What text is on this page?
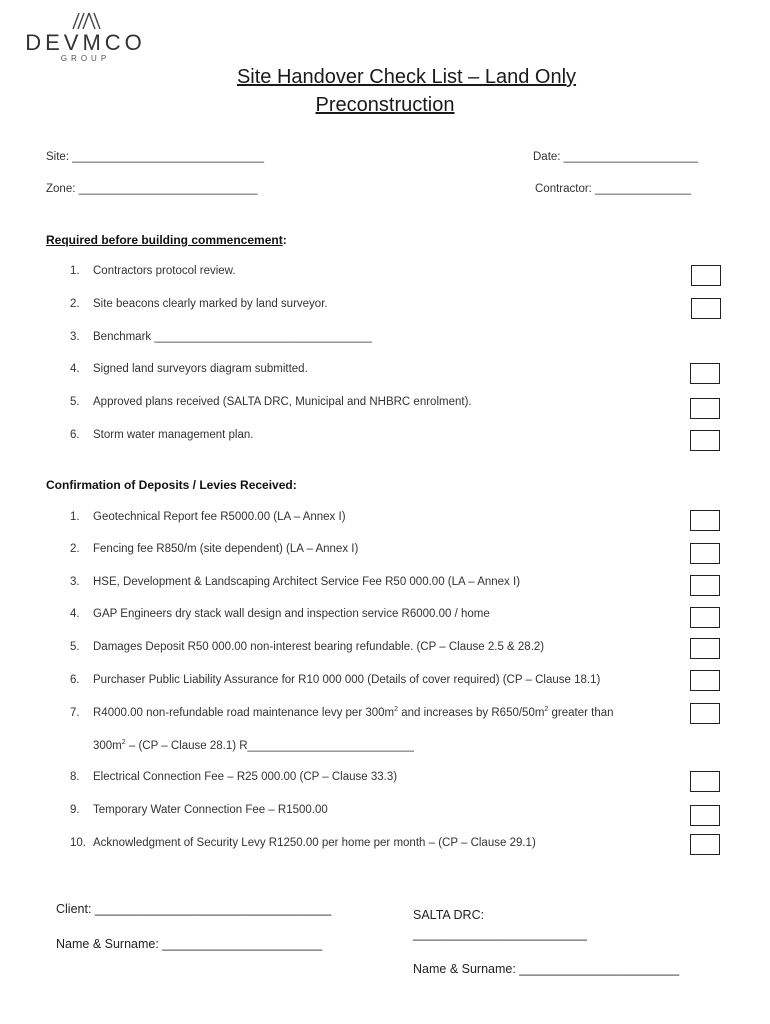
DEVMCO
GROUP
Site Handover Check List – Land Only
Preconstruction
Site: ______________________________	Date: _____________________
Zone: ____________________________	Contractor: _______________
Required before building commencement:
1. Contractors protocol review.
2. Site beacons clearly marked by land surveyor.
3. Benchmark __________________________________
4. Signed land surveyors diagram submitted.
5. Approved plans received (SALTA DRC, Municipal and NHBRC enrolment).
6. Storm water management plan.
Confirmation of Deposits / Levies Received:
1. Geotechnical Report fee R5000.00 (LA – Annex I)
2. Fencing fee R850/m (site dependent) (LA – Annex I)
3. HSE, Development & Landscaping Architect Service Fee R50 000.00 (LA – Annex I)
4. GAP Engineers dry stack wall design and inspection service R6000.00 / home
5. Damages Deposit R50 000.00 non-interest bearing refundable. (CP – Clause 2.5 & 28.2)
6. Purchaser Public Liability Assurance for R10 000 000 (Details of cover required) (CP – Clause 18.1)
7. R4000.00 non-refundable road maintenance levy per $300m^2$ and increases by $R650/50m^2$ greater than
$300m^2 - (CP$ – Clause 28.1) R__________________________
8. Electrical Connection Fee – R25 000.00 (CP – Clause 33.3)
9. Temporary Water Connection Fee – R1500.00
10. Acknowledgment of Security Levy R1250.00 per home per month – (CP – Clause 29.1)
Client: __________________________________
Name & Surname: _______________________
SALTA DRC:
_________________________
Name & Surname: _______________________
